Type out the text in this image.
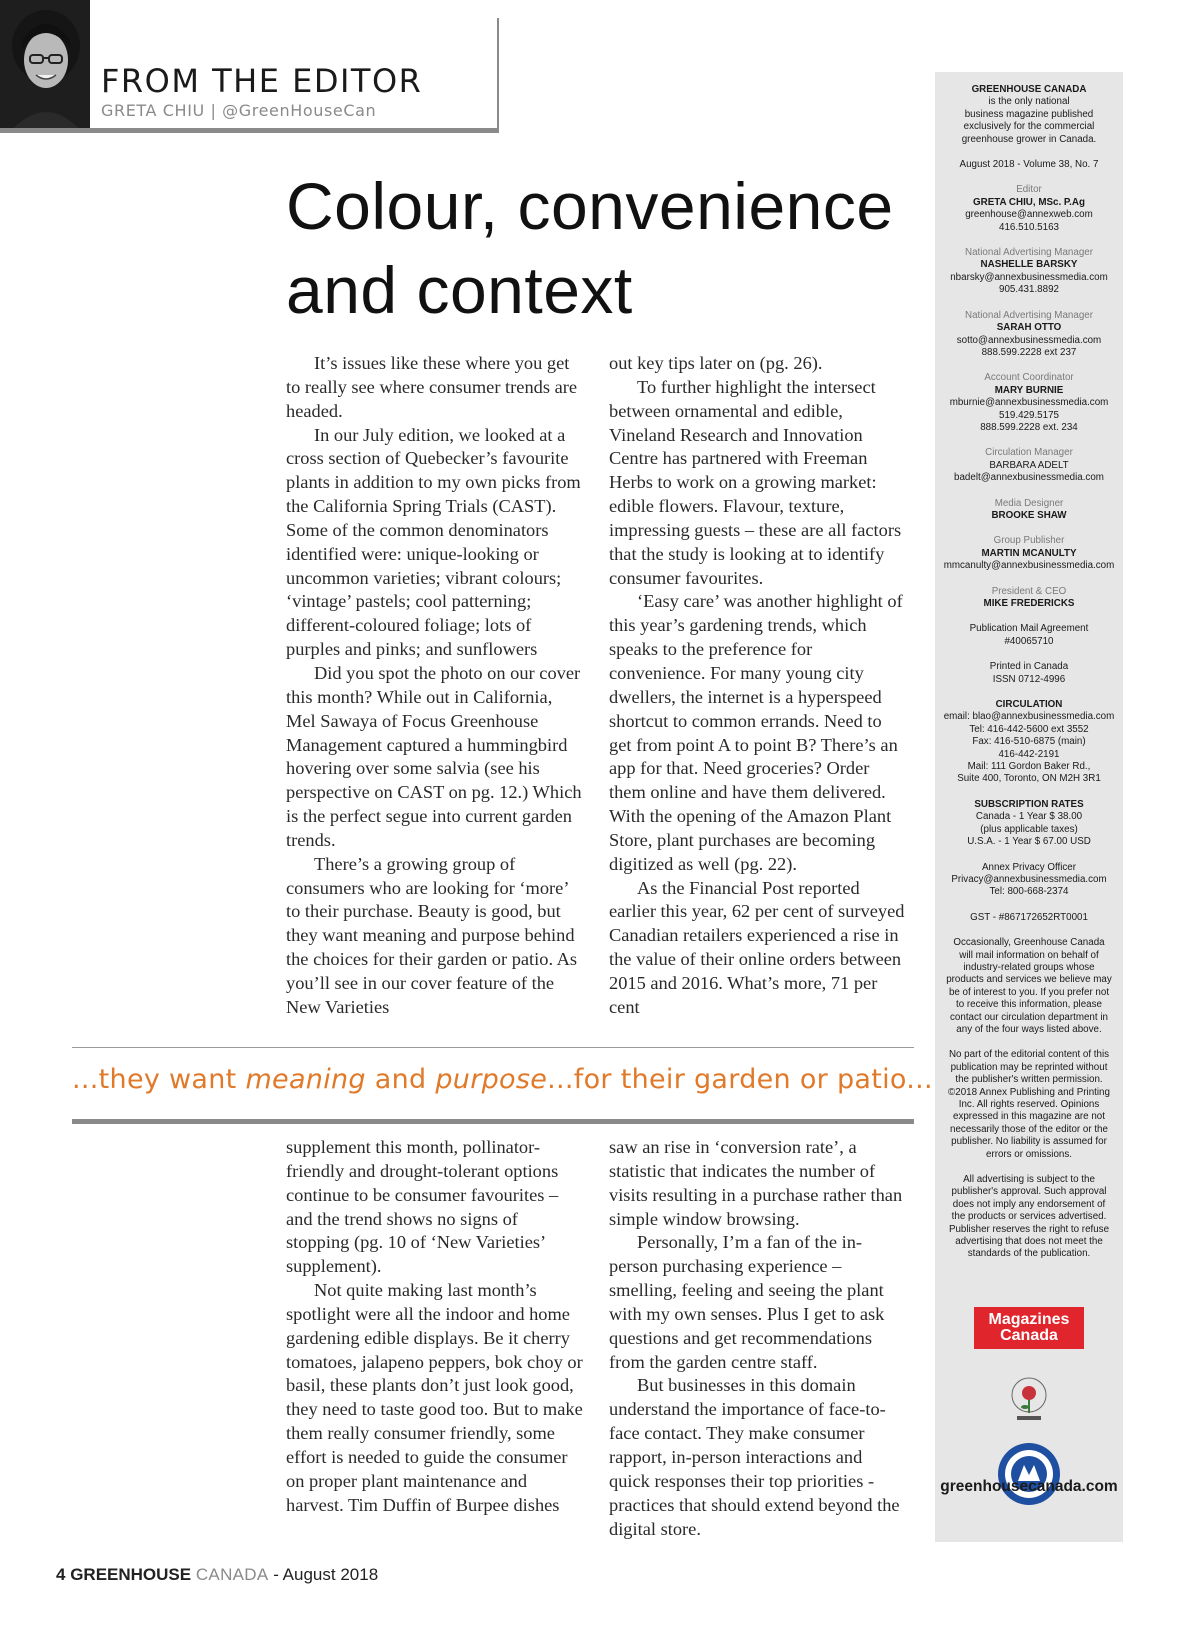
FROM THE EDITOR
GRETA CHIU | @GreenHouseCan
Colour, convenience and context

It’s issues like these where you get to really see where consumer trends are headed.

In our July edition, we looked at a cross section of Quebecker’s favourite plants in addition to my own picks from the California Spring Trials (CAST). Some of the common denominators identified were: unique-looking or uncommon varieties; vibrant colours; ‘vintage’ pastels; cool patterning; different-coloured foliage; lots of purples and pinks; and sunflowers

Did you spot the photo on our cover this month? While out in California, Mel Sawaya of Focus Greenhouse Management captured a hummingbird hovering over some salvia (see his perspective on CAST on pg. 12.) Which is the perfect segue into current garden trends.

There’s a growing group of consumers who are looking for ‘more’ to their purchase. Beauty is good, but they want meaning and purpose behind the choices for their garden or patio. As you’ll see in our cover feature of the New Varieties

out key tips later on (pg. 26).

To further highlight the intersect between ornamental and edible, Vineland Research and Innovation Centre has partnered with Freeman Herbs to work on a growing market: edible flowers. Flavour, texture, impressing guests – these are all factors that the study is looking at to identify consumer favourites.

‘Easy care’ was another highlight of this year’s gardening trends, which speaks to the preference for convenience. For many young city dwellers, the internet is a hyperspeed shortcut to common errands. Need to get from point A to point B? There’s an app for that. Need groceries? Order them online and have them delivered. With the opening of the Amazon Plant Store, plant purchases are becoming digitized as well (pg. 22).

As the Financial Post reported earlier this year, 62 per cent of surveyed Canadian retailers experienced a rise in the value of their online orders between 2015 and 2016. What’s more, 71 per cent

...they want meaning and purpose...for their garden or patio...

supplement this month, pollinator-friendly and drought-tolerant options continue to be consumer favourites – and the trend shows no signs of stopping (pg. 10 of ‘New Varieties’ supplement).

Not quite making last month’s spotlight were all the indoor and home gardening edible displays. Be it cherry tomatoes, jalapeno peppers, bok choy or basil, these plants don’t just look good, they need to taste good too. But to make them really consumer friendly, some effort is needed to guide the consumer on proper plant maintenance and harvest. Tim Duffin of Burpee dishes

saw an rise in ‘conversion rate’, a statistic that indicates the number of visits resulting in a purchase rather than simple window browsing.

Personally, I’m a fan of the in-person purchasing experience – smelling, feeling and seeing the plant with my own senses. Plus I get to ask questions and get recommendations from the garden centre staff.

But businesses in this domain understand the importance of face-to-face contact. They make consumer rapport, in-person interactions and quick responses their top priorities - practices that should extend beyond the digital store.

4 GREENHOUSE CANADA - August 2018
GREENHOUSE CANADA
is the only national
business magazine published
exclusively for the commercial
greenhouse grower in Canada.
August 2018 - Volume 38, No. 7
Editor
GRETA CHIU, MSc. P.Ag
greenhouse@annexweb.com
416.510.5163
National Advertising Manager
NASHELLE BARSKY
nbarsky@annexbusinessmedia.com
905.431.8892
National Advertising Manager
SARAH OTTO
sotto@annexbusinessmedia.com
888.599.2228 ext 237
Account Coordinator
MARY BURNIE
mburnie@annexbusinessmedia.com
519.429.5175
888.599.2228 ext. 234
Circulation Manager
BARBARA ADELT
badelt@annexbusinessmedia.com
Media Designer
BROOKE SHAW
Group Publisher
MARTIN MCANULTY
mmcanulty@annexbusinessmedia.com
President & CEO
MIKE FREDERICKS
Publication Mail Agreement
#40065710
Printed in Canada
ISSN 0712-4996
CIRCULATION
email: blao@annexbusinessmedia.com
Tel: 416-442-5600 ext 3552
Fax: 416-510-6875 (main)
416-442-2191
Mail: 111 Gordon Baker Rd.,
Suite 400, Toronto, ON M2H 3R1
SUBSCRIPTION RATES
Canada - 1 Year $ 38.00
(plus applicable taxes)
U.S.A. - 1 Year $ 67.00 USD
Annex Privacy Officer
Privacy@annexbusinessmedia.com
Tel: 800-668-2374
GST - #867172652RT0001
Occasionally, Greenhouse Canada
will mail information on behalf of
industry-related groups whose
products and services we believe may
be of interest to you. If you prefer not
to receive this information, please
contact our circulation department in
any of the four ways listed above.
No part of the editorial content of this
publication may be reprinted without
the publisher's written permission.
©2018 Annex Publishing and Printing
Inc. All rights reserved. Opinions
expressed in this magazine are not
necessarily those of the editor or the
publisher. No liability is assumed for
errors or omissions.
All advertising is subject to the
publisher's approval. Such approval
does not imply any endorsement of
the products or services advertised.
Publisher reserves the right to refuse
advertising that does not meet the
standards of the publication.
Magazines Canada
greenhousecanada.com
